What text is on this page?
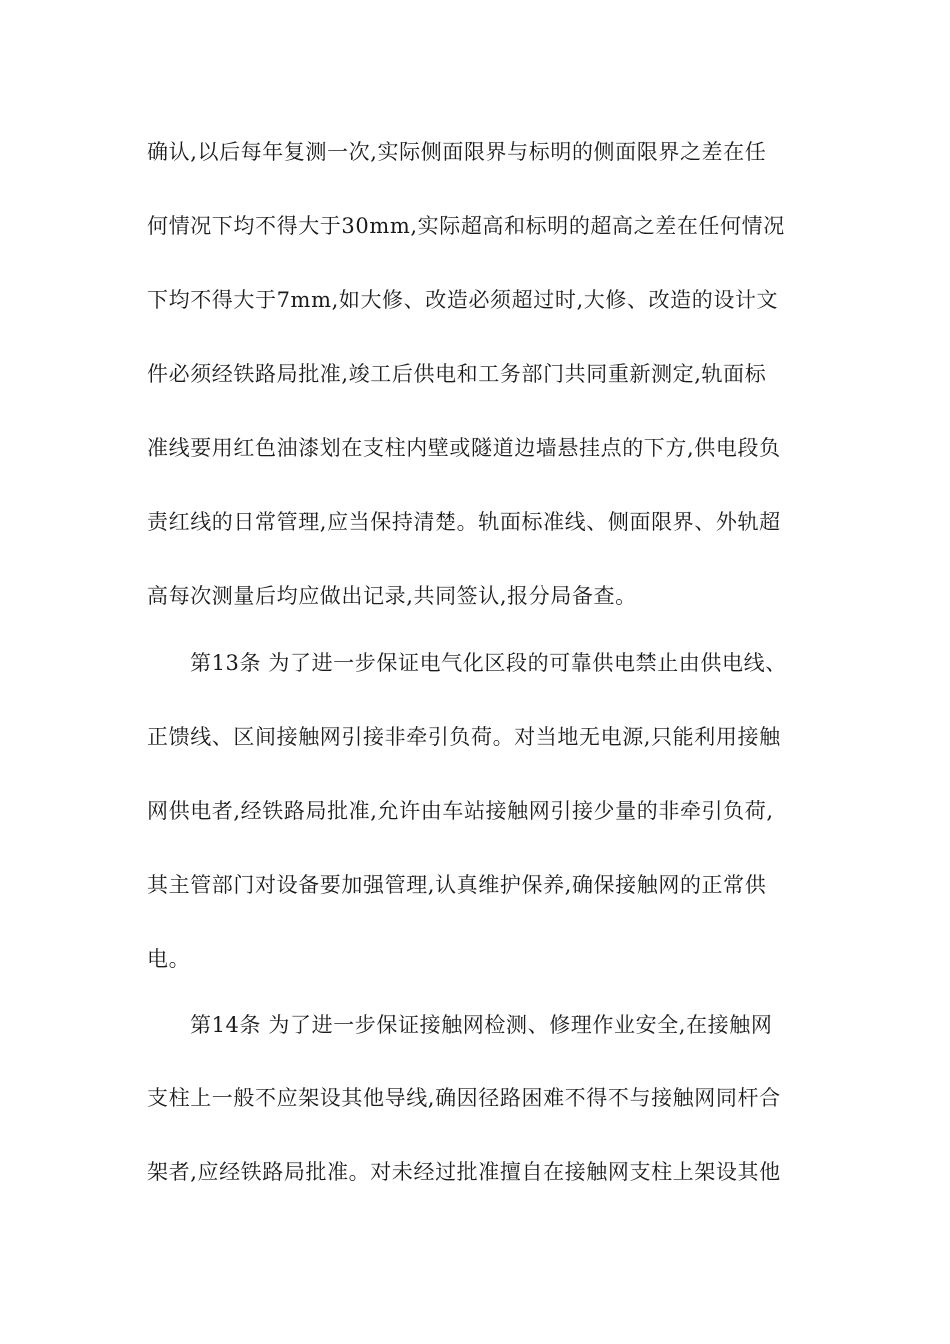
确认,以后每年复测一次,实际侧面限界与标明的侧面限界之差在任
何情况下均不得大于30mm,实际超高和标明的超高之差在任何情况
下均不得大于7mm,如大修、改造必须超过时,大修、改造的设计文
件必须经铁路局批准,竣工后供电和工务部门共同重新测定,轨面标
准线要用红色油漆划在支柱内壁或隧道边墙悬挂点的下方,供电段负
责红线的日常管理,应当保持清楚。轨面标准线、侧面限界、外轨超
高每次测量后均应做出记录,共同签认,报分局备查。
第13条 为了进一步保证电气化区段的可靠供电禁止由供电线、
正馈线、区间接触网引接非牵引负荷。对当地无电源,只能利用接触
网供电者,经铁路局批准,允许由车站接触网引接少量的非牵引负荷,
其主管部门对设备要加强管理,认真维护保养,确保接触网的正常供
电。
第14条 为了进一步保证接触网检测、修理作业安全,在接触网
支柱上一般不应架设其他导线,确因径路困难不得不与接触网同杆合
架者,应经铁路局批准。对未经过批准擅自在接触网支柱上架设其他
